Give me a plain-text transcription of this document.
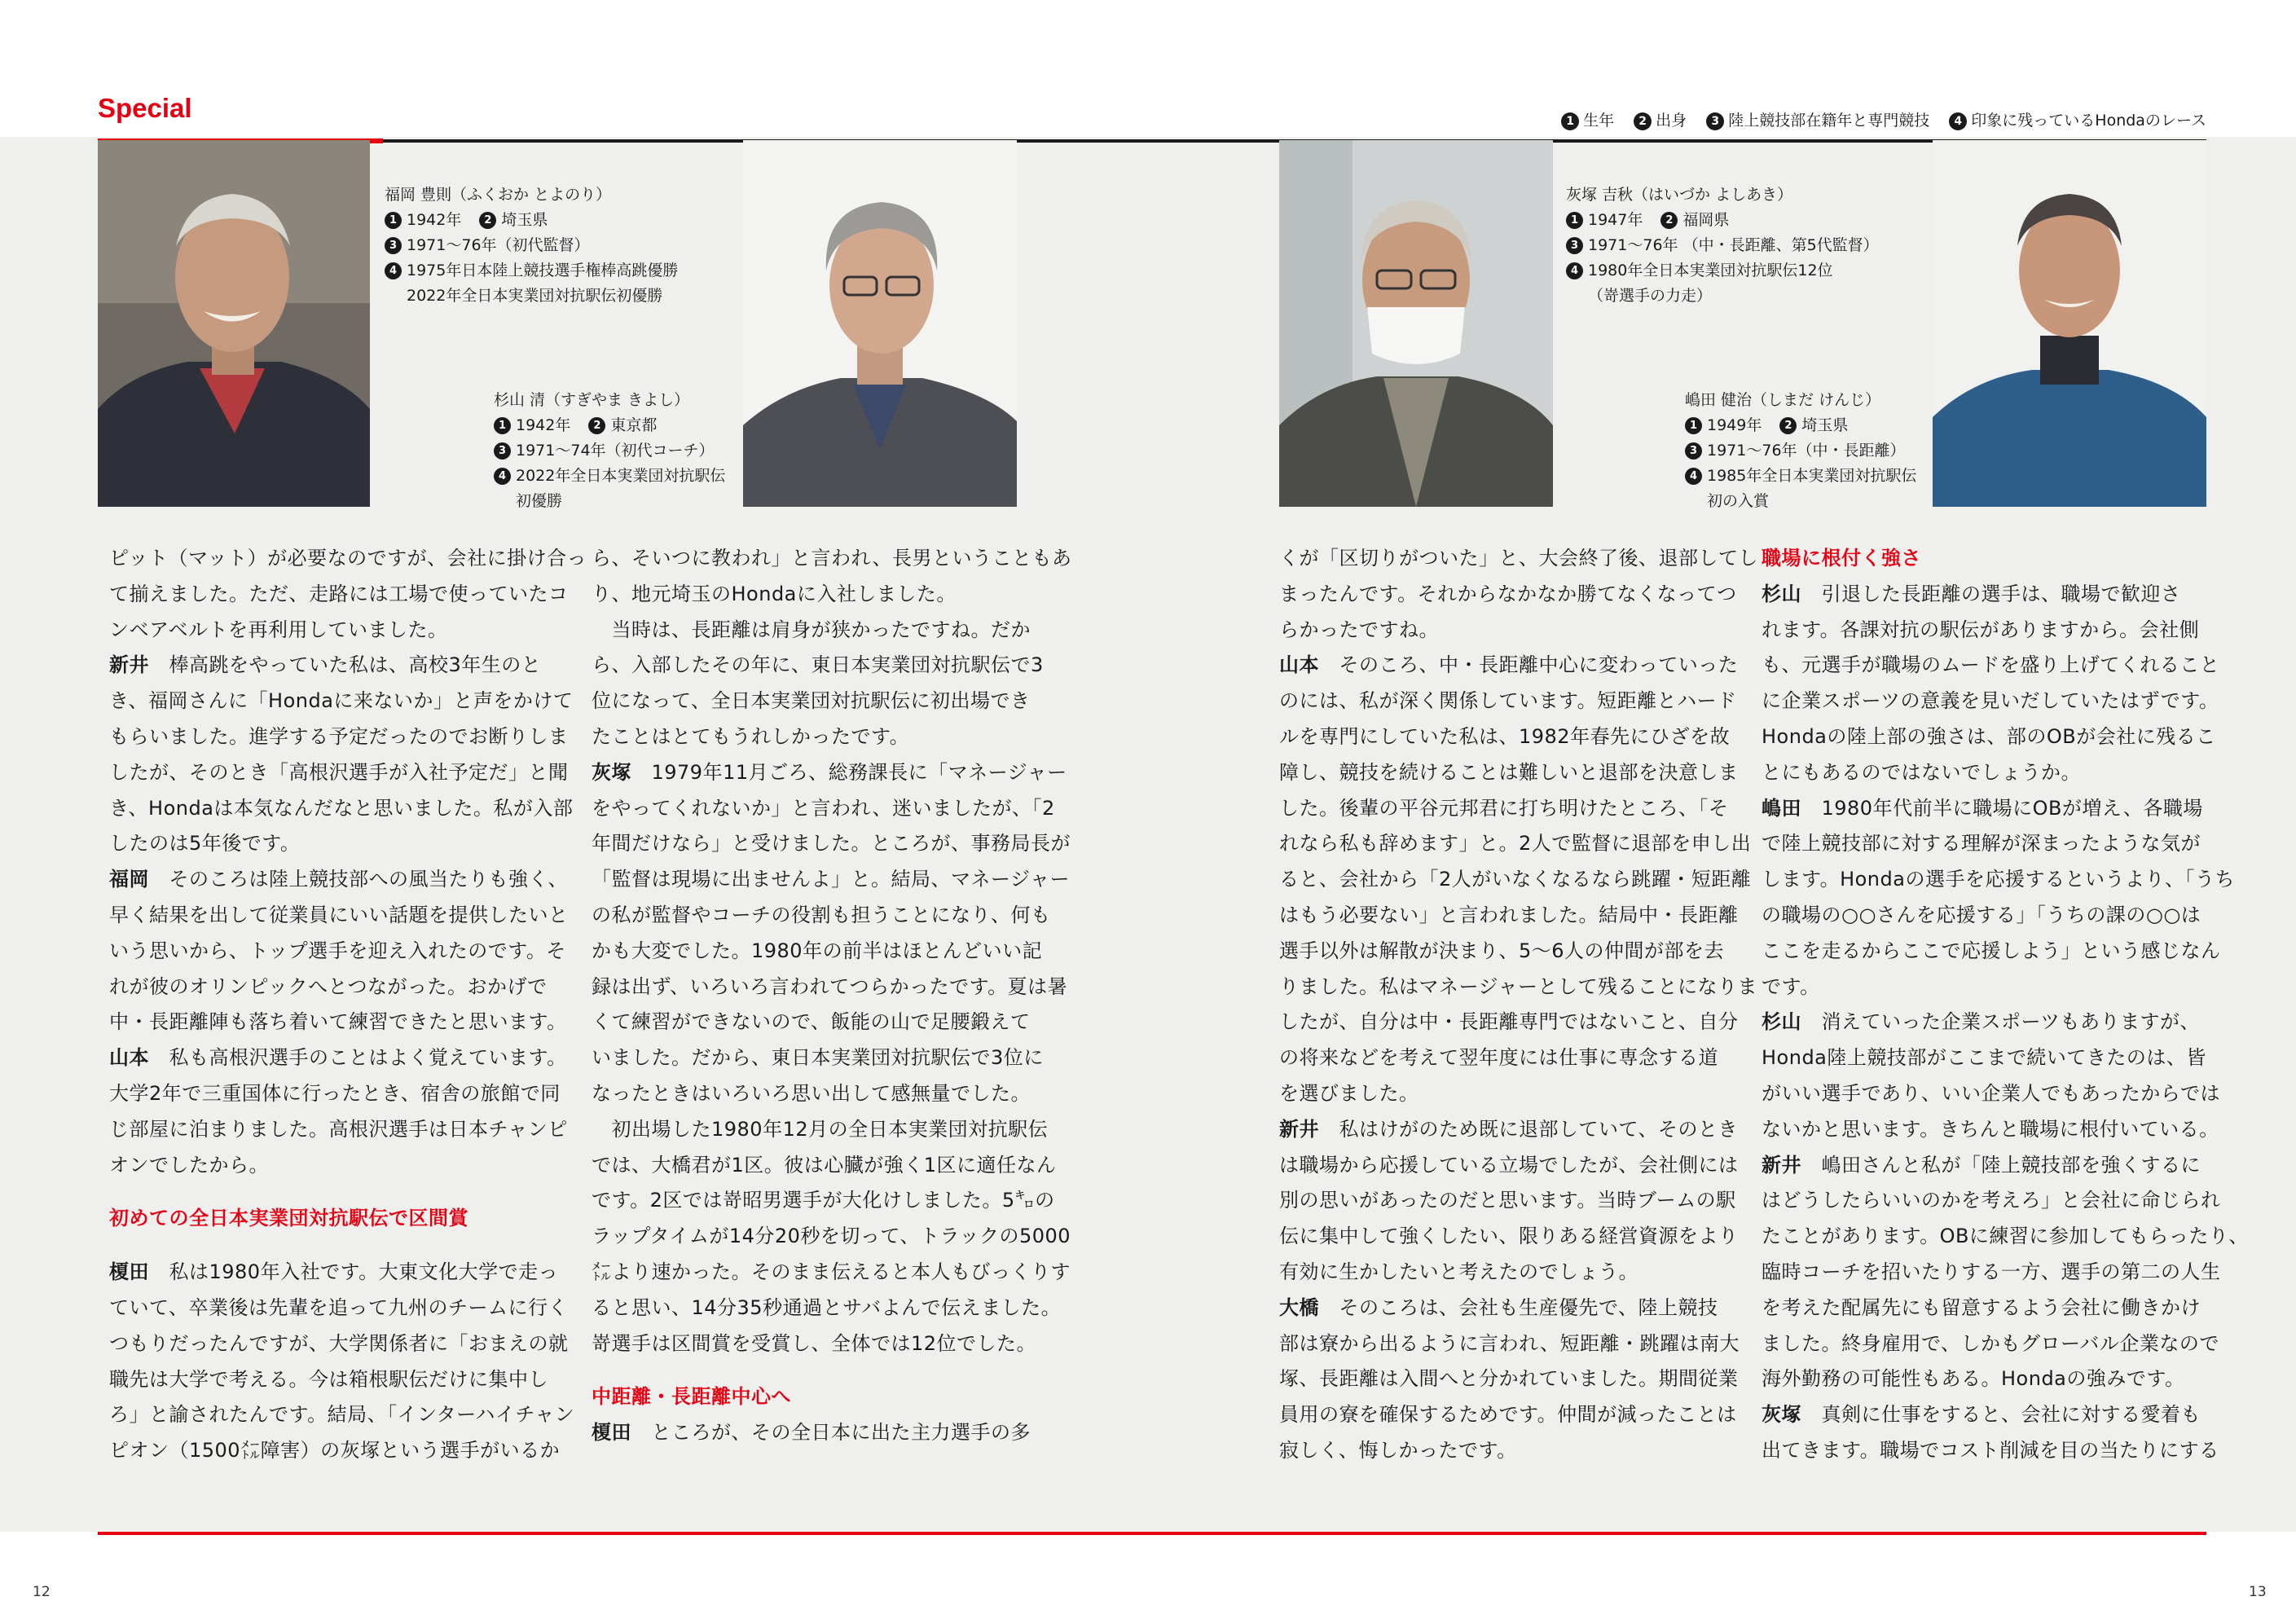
Special	1 生年 2 出身 3 陸上競技部在籍年と専門競技 4 印象に残っているHondaのレース
福岡 豊則（ふくおか とよのり）
1 1942年 2 埼玉県
3 1971〜76年（初代監督）
4 1975年日本陸上競技選手権棒高跳優勝
2022年全日本実業団対抗駅伝初優勝
杉山 清（すぎやま きよし）
1 1942年 2 東京都
3 1971〜74年（初代コーチ）
4 2022年全日本実業団対抗駅伝
初優勝
灰塚 吉秋（はいづか よしあき）
1 1947年 2 福岡県
3 1971〜76年 （中・長距離、第5代監督）
4 1980年全日本実業団対抗駅伝12位
（嵜選手の力走）
嶋田 健治（しまだ けんじ）
1 1949年 2 埼玉県
3 1971〜76年（中・長距離）
4 1985年全日本実業団対抗駅伝
初の入賞

ピット（マット）が必要なのですが、会社に掛け合っ

て揃えました。ただ、走路には工場で使っていたコ

ンベアベルトを再利用していました。

新井　棒高跳をやっていた私は、高校3年生のと

き、福岡さんに「Hondaに来ないか」と声をかけて

もらいました。進学する予定だったのでお断りしま

したが、そのとき「高根沢選手が入社予定だ」と聞

き、Hondaは本気なんだなと思いました。私が入部

したのは5年後です。

福岡　そのころは陸上競技部への風当たりも強く、

早く結果を出して従業員にいい話題を提供したいと

いう思いから、トップ選手を迎え入れたのです。そ

れが彼のオリンピックへとつながった。おかげで

中・長距離陣も落ち着いて練習できたと思います。

山本　私も高根沢選手のことはよく覚えています。

大学2年で三重国体に行ったとき、宿舎の旅館で同

じ部屋に泊まりました。高根沢選手は日本チャンピ

オンでしたから。

初めての全日本実業団対抗駅伝で区間賞

榎田　私は1980年入社です。大東文化大学で走っ

ていて、卒業後は先輩を追って九州のチームに行く

つもりだったんですが、大学関係者に「おまえの就

職先は大学で考える。今は箱根駅伝だけに集中し

ろ」と諭されたんです。結局、「インターハイチャン

ピオン（1500㍍障害）の灰塚という選手がいるか

ら、そいつに教われ」と言われ、長男ということもあ

り、地元埼玉のHondaに入社しました。

　当時は、長距離は肩身が狭かったですね。だか

ら、入部したその年に、東日本実業団対抗駅伝で3

位になって、全日本実業団対抗駅伝に初出場でき

たことはとてもうれしかったです。

灰塚　1979年11月ごろ、総務課長に「マネージャー

をやってくれないか」と言われ、迷いましたが、「2

年間だけなら」と受けました。ところが、事務局長が

「監督は現場に出ませんよ」と。結局、マネージャー

の私が監督やコーチの役割も担うことになり、何も

かも大変でした。1980年の前半はほとんどいい記

録は出ず、いろいろ言われてつらかったです。夏は暑

くて練習ができないので、飯能の山で足腰鍛えて

いました。だから、東日本実業団対抗駅伝で3位に

なったときはいろいろ思い出して感無量でした。

　初出場した1980年12月の全日本実業団対抗駅伝

では、大橋君が1区。彼は心臓が強く1区に適任なん

です。2区では嵜昭男選手が大化けしました。5㌔の

ラップタイムが14分20秒を切って、トラックの5000

㍍より速かった。そのまま伝えると本人もびっくりす

ると思い、14分35秒通過とサバよんで伝えました。

嵜選手は区間賞を受賞し、全体では12位でした。

中距離・長距離中心へ

榎田　ところが、その全日本に出た主力選手の多

くが「区切りがついた」と、大会終了後、退部してし

まったんです。それからなかなか勝てなくなってつ

らかったですね。

山本　そのころ、中・長距離中心に変わっていった

のには、私が深く関係しています。短距離とハード

ルを専門にしていた私は、1982年春先にひざを故

障し、競技を続けることは難しいと退部を決意しま

した。後輩の平谷元邦君に打ち明けたところ、「そ

れなら私も辞めます」と。2人で監督に退部を申し出

ると、会社から「2人がいなくなるなら跳躍・短距離

はもう必要ない」と言われました。結局中・長距離

選手以外は解散が決まり、5〜6人の仲間が部を去

りました。私はマネージャーとして残ることになりま

したが、自分は中・長距離専門ではないこと、自分

の将来などを考えて翌年度には仕事に専念する道

を選びました。

新井　私はけがのため既に退部していて、そのとき

は職場から応援している立場でしたが、会社側には

別の思いがあったのだと思います。当時ブームの駅

伝に集中して強くしたい、限りある経営資源をより

有効に生かしたいと考えたのでしょう。

大橋　そのころは、会社も生産優先で、陸上競技

部は寮から出るように言われ、短距離・跳躍は南大

塚、長距離は入間へと分かれていました。期間従業

員用の寮を確保するためです。仲間が減ったことは

寂しく、悔しかったです。

職場に根付く強さ

杉山　引退した長距離の選手は、職場で歓迎さ

れます。各課対抗の駅伝がありますから。会社側

も、元選手が職場のムードを盛り上げてくれること

に企業スポーツの意義を見いだしていたはずです。

Hondaの陸上部の強さは、部のOBが会社に残るこ

とにもあるのではないでしょうか。

嶋田　1980年代前半に職場にOBが増え、各職場

で陸上競技部に対する理解が深まったような気が

します。Hondaの選手を応援するというより、「うち

の職場の○○さんを応援する」「うちの課の○○は

ここを走るからここで応援しよう」という感じなん

です。

杉山　消えていった企業スポーツもありますが、

Honda陸上競技部がここまで続いてきたのは、皆

がいい選手であり、いい企業人でもあったからでは

ないかと思います。きちんと職場に根付いている。

新井　嶋田さんと私が「陸上競技部を強くするに

はどうしたらいいのかを考えろ」と会社に命じられ

たことがあります。OBに練習に参加してもらったり、

臨時コーチを招いたりする一方、選手の第二の人生

を考えた配属先にも留意するよう会社に働きかけ

ました。終身雇用で、しかもグローバル企業なので

海外勤務の可能性もある。Hondaの強みです。

灰塚　真剣に仕事をすると、会社に対する愛着も

出てきます。職場でコスト削減を目の当たりにする

12	13
